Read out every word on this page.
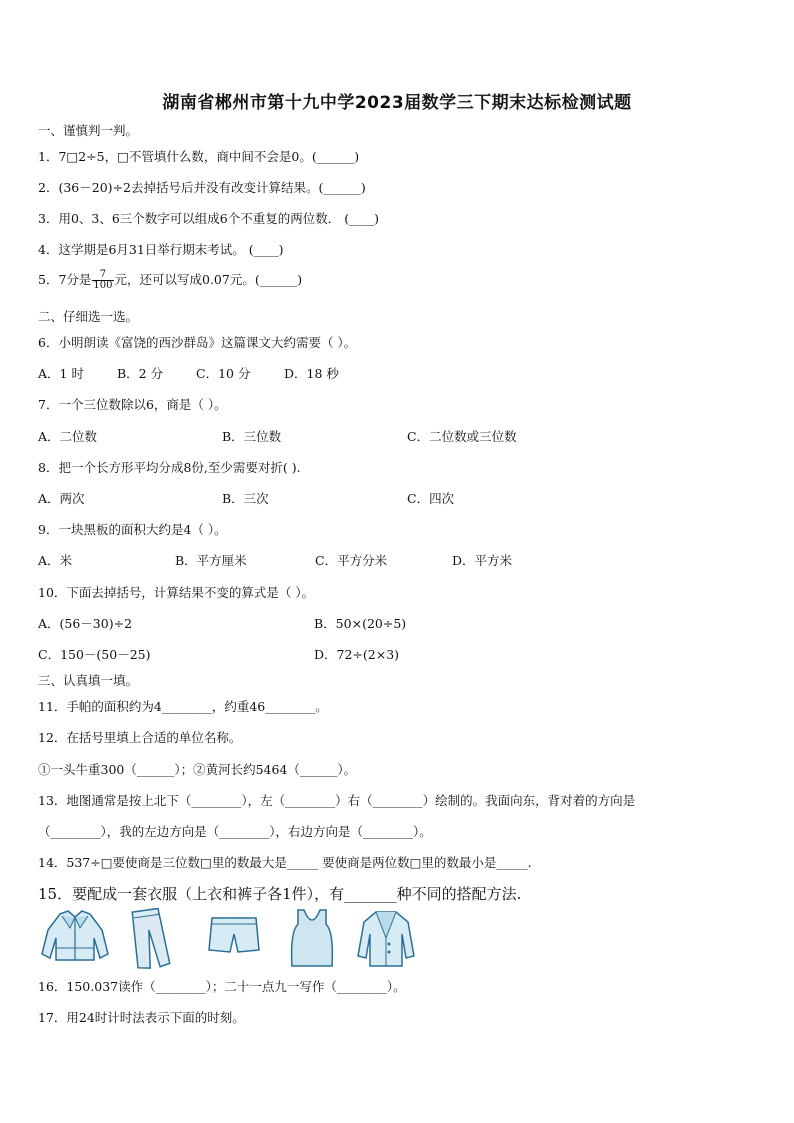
湖南省郴州市第十九中学2023届数学三下期末达标检测试题
一、谨慎判一判。
1．7□2÷5，□不管填什么数，商中间不会是0。(______)
2．(36－20)÷2去掉括号后并没有改变计算结果。(______)
3．用0、3、6三个数字可以组成6个不重复的两位数． (____)
4．这学期是6月31日举行期末考试。 (____)
5．7分是 $\frac{7}{100}$ 元，还可以写成0.07元。(______)
二、仔细选一选。
6．小明朗读《富饶的西沙群岛》这篇课文大约需要（ ）。
A．1 时	B．2 分	C．10 分	D．18 秒
7．一个三位数除以6，商是（ ）。
A．二位数	B．三位数	C．二位数或三位数
8．把一个长方形平均分成8份,至少需要对折( ).
A．两次	B．三次	C．四次
9．一块黑板的面积大约是4（ ）。
A．米	B．平方厘米	C．平方分米	D．平方米
10．下面去掉括号，计算结果不变的算式是（ ）。
A．(56－30)÷2	B．50×(20÷5)
C．150－(50－25)	D．72÷(2×3)
三、认真填一填。
11．手帕的面积约为4________，约重46________。
12．在括号里填上合适的单位名称。
①一头牛重300（______）；②黄河长约5464（______）。
13．地图通常是按上北下（________），左（________）右（________）绘制的。我面向东，背对着的方向是
（________），我的左边方向是（________），右边方向是（________）。
14．537÷□要使商是三位数□里的数最大是_____ 要使商是两位数□里的数最小是_____.
15．要配成一套衣服（上衣和裤子各1件），有_______种不同的搭配方法.
16．150.037读作（________）；二十一点九一写作（________）。
17．用24时计时法表示下面的时刻。
